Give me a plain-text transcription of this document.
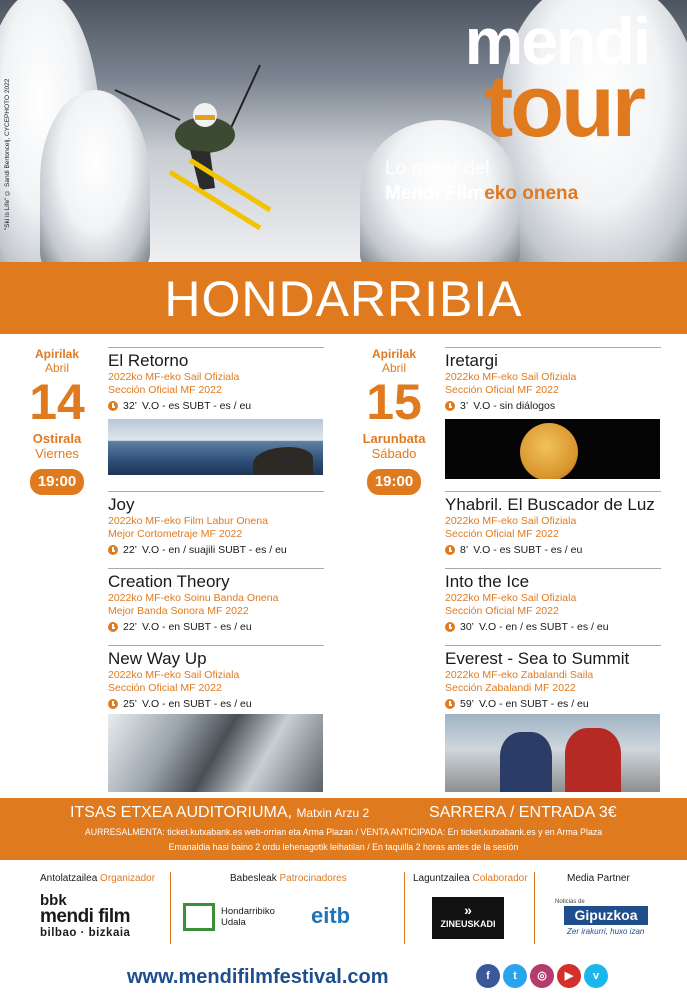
"Ski is Life" © Sandi Bertoncelj, CYCEPHOTO 2022
mendi
tour
Lo mejor del
Mendi Filmeko onena
HONDARRIBIA
Apirilak
Abril
14
Ostirala
Viernes
19:00
Apirilak
Abril
15
Larunbata
Sábado
19:00
El Retorno
2022ko MF-eko Sail Ofiziala
Sección Oficial MF 2022
32’ V.O - es SUBT - es / eu
Joy
2022ko MF-eko Film Labur Onena
Mejor Cortometraje MF 2022
22’ V.O - en / suajili SUBT - es / eu
Creation Theory
2022ko MF-eko Soinu Banda Onena
Mejor Banda Sonora MF 2022
22’ V.O - en SUBT - es / eu
New Way Up
2022ko MF-eko Sail Ofiziala
Sección Oficial MF 2022
25’ V.O - en SUBT - es / eu
Iretargi
2022ko MF-eko Sail Ofiziala
Sección Oficial MF 2022
3’ V.O - sin diálogos
Yhabril. El Buscador de Luz
2022ko MF-eko Sail Ofiziala
Sección Oficial MF 2022
8’ V.O - es SUBT - es / eu
Into the Ice
2022ko MF-eko Sail Ofiziala
Sección Oficial MF 2022
30’ V.O - en / es SUBT - es / eu
Everest - Sea to Summit
2022ko MF-eko Zabalandi Saila
Sección Zabalandi MF 2022
59’ V.O - en SUBT - es / eu
ITSAS ETXEA AUDITORIUMA, Matxin Arzu 2	SARRERA / ENTRADA 3€
AURRESALMENTA: ticket.kutxabank.es web-orrian eta Arma Plazan / VENTA ANTICIPADA: En ticket.kutxabank.es y en Arma Plaza
Emanaldia hasi baino 2 ordu lehenagotik leihatilan / En taquilla 2 horas antes de la sesión
Antolatzailea Organizador	Babesleak Patrocinadores	Laguntzailea Colaborador	Media Partner
bbk
mendi film
bilbao · bizkaia
Hondarribiko
Udala	eitb	»
ZINEUSKADI
Noticias de
Gipuzkoa
Zer irakurri, huxo izan
www.mendifilmfestival.com	f	t	◎	▶	v
